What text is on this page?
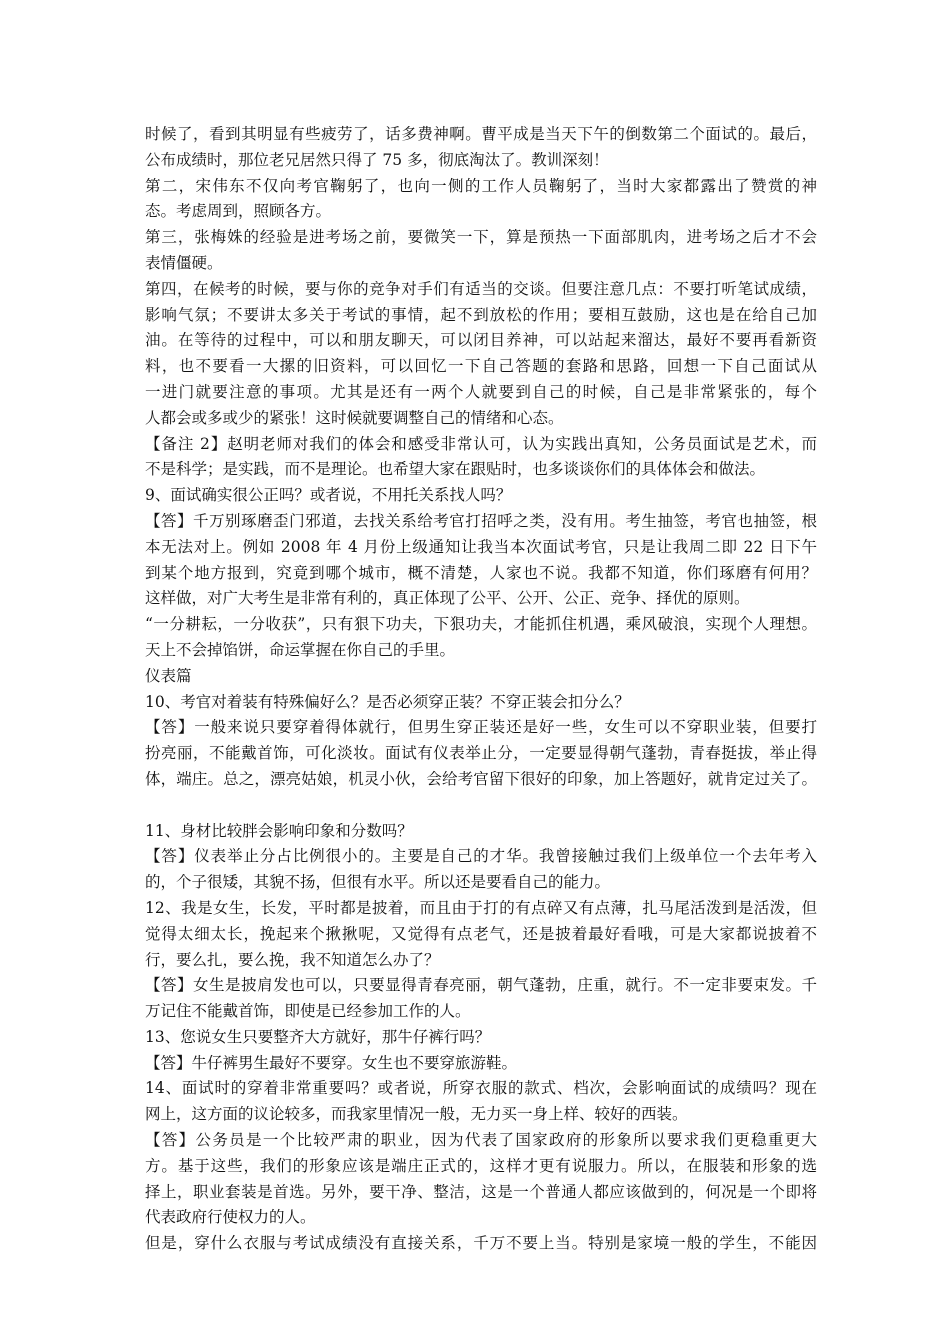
时候了，看到其明显有些疲劳了，话多费神啊。曹平成是当天下午的倒数第二个面试的。最后，
公布成绩时，那位老兄居然只得了 75 多，彻底淘汰了。教训深刻！
第二，宋伟东不仅向考官鞠躬了，也向一侧的工作人员鞠躬了，当时大家都露出了赞赏的神
态。考虑周到，照顾各方。
第三，张梅姝的经验是进考场之前，要微笑一下，算是预热一下面部肌肉，进考场之后才不会
表情僵硬。
第四，在候考的时候，要与你的竞争对手们有适当的交谈。但要注意几点：不要打听笔试成绩，
影响气氛；不要讲太多关于考试的事情，起不到放松的作用；要相互鼓励，这也是在给自己加
油。在等待的过程中，可以和朋友聊天，可以闭目养神，可以站起来溜达，最好不要再看新资
料，也不要看一大摞的旧资料，可以回忆一下自己答题的套路和思路，回想一下自己面试从
一进门就要注意的事项。尤其是还有一两个人就要到自己的时候，自己是非常紧张的，每个
人都会或多或少的紧张！这时候就要调整自己的情绪和心态。
【备注 2】赵明老师对我们的体会和感受非常认可，认为实践出真知，公务员面试是艺术，而
不是科学；是实践，而不是理论。也希望大家在跟贴时，也多谈谈你们的具体体会和做法。
9、面试确实很公正吗？或者说，不用托关系找人吗？
【答】千万别琢磨歪门邪道，去找关系给考官打招呼之类，没有用。考生抽签，考官也抽签，根
本无法对上。例如 2008 年 4 月份上级通知让我当本次面试考官，只是让我周二即 22 日下午
到某个地方报到，究竟到哪个城市，概不清楚，人家也不说。我都不知道，你们琢磨有何用？
这样做，对广大考生是非常有利的，真正体现了公平、公开、公正、竞争、择优的原则。
“一分耕耘，一分收获”，只有狠下功夫，下狠功夫，才能抓住机遇，乘风破浪，实现个人理想。
天上不会掉馅饼，命运掌握在你自己的手里。
仪表篇
10、考官对着装有特殊偏好么？是否必须穿正装？不穿正装会扣分么？
【答】一般来说只要穿着得体就行，但男生穿正装还是好一些，女生可以不穿职业装，但要打
扮亮丽，不能戴首饰，可化淡妆。面试有仪表举止分，一定要显得朝气蓬勃，青春挺拔，举止得
体，端庄。总之，漂亮姑娘，机灵小伙，会给考官留下很好的印象，加上答题好，就肯定过关了。
11、身材比较胖会影响印象和分数吗？
【答】仪表举止分占比例很小的。主要是自己的才华。我曾接触过我们上级单位一个去年考入
的，个子很矮，其貌不扬，但很有水平。所以还是要看自己的能力。
12、我是女生，长发，平时都是披着，而且由于打的有点碎又有点薄，扎马尾活泼到是活泼，但
觉得太细太长，挽起来个揪揪呢，又觉得有点老气，还是披着最好看哦，可是大家都说披着不
行，要么扎，要么挽，我不知道怎么办了？
【答】女生是披肩发也可以，只要显得青春亮丽，朝气蓬勃，庄重，就行。不一定非要束发。千
万记住不能戴首饰，即使是已经参加工作的人。
13、您说女生只要整齐大方就好，那牛仔裤行吗？
【答】牛仔裤男生最好不要穿。女生也不要穿旅游鞋。
14、面试时的穿着非常重要吗？或者说，所穿衣服的款式、档次，会影响面试的成绩吗？现在
网上，这方面的议论较多，而我家里情况一般，无力买一身上样、较好的西装。
【答】公务员是一个比较严肃的职业，因为代表了国家政府的形象所以要求我们更稳重更大
方。基于这些，我们的形象应该是端庄正式的，这样才更有说服力。所以，在服装和形象的选
择上，职业套装是首选。另外，要干净、整洁，这是一个普通人都应该做到的，何况是一个即将
代表政府行使权力的人。
但是，穿什么衣服与考试成绩没有直接关系，千万不要上当。特别是家境一般的学生，不能因
